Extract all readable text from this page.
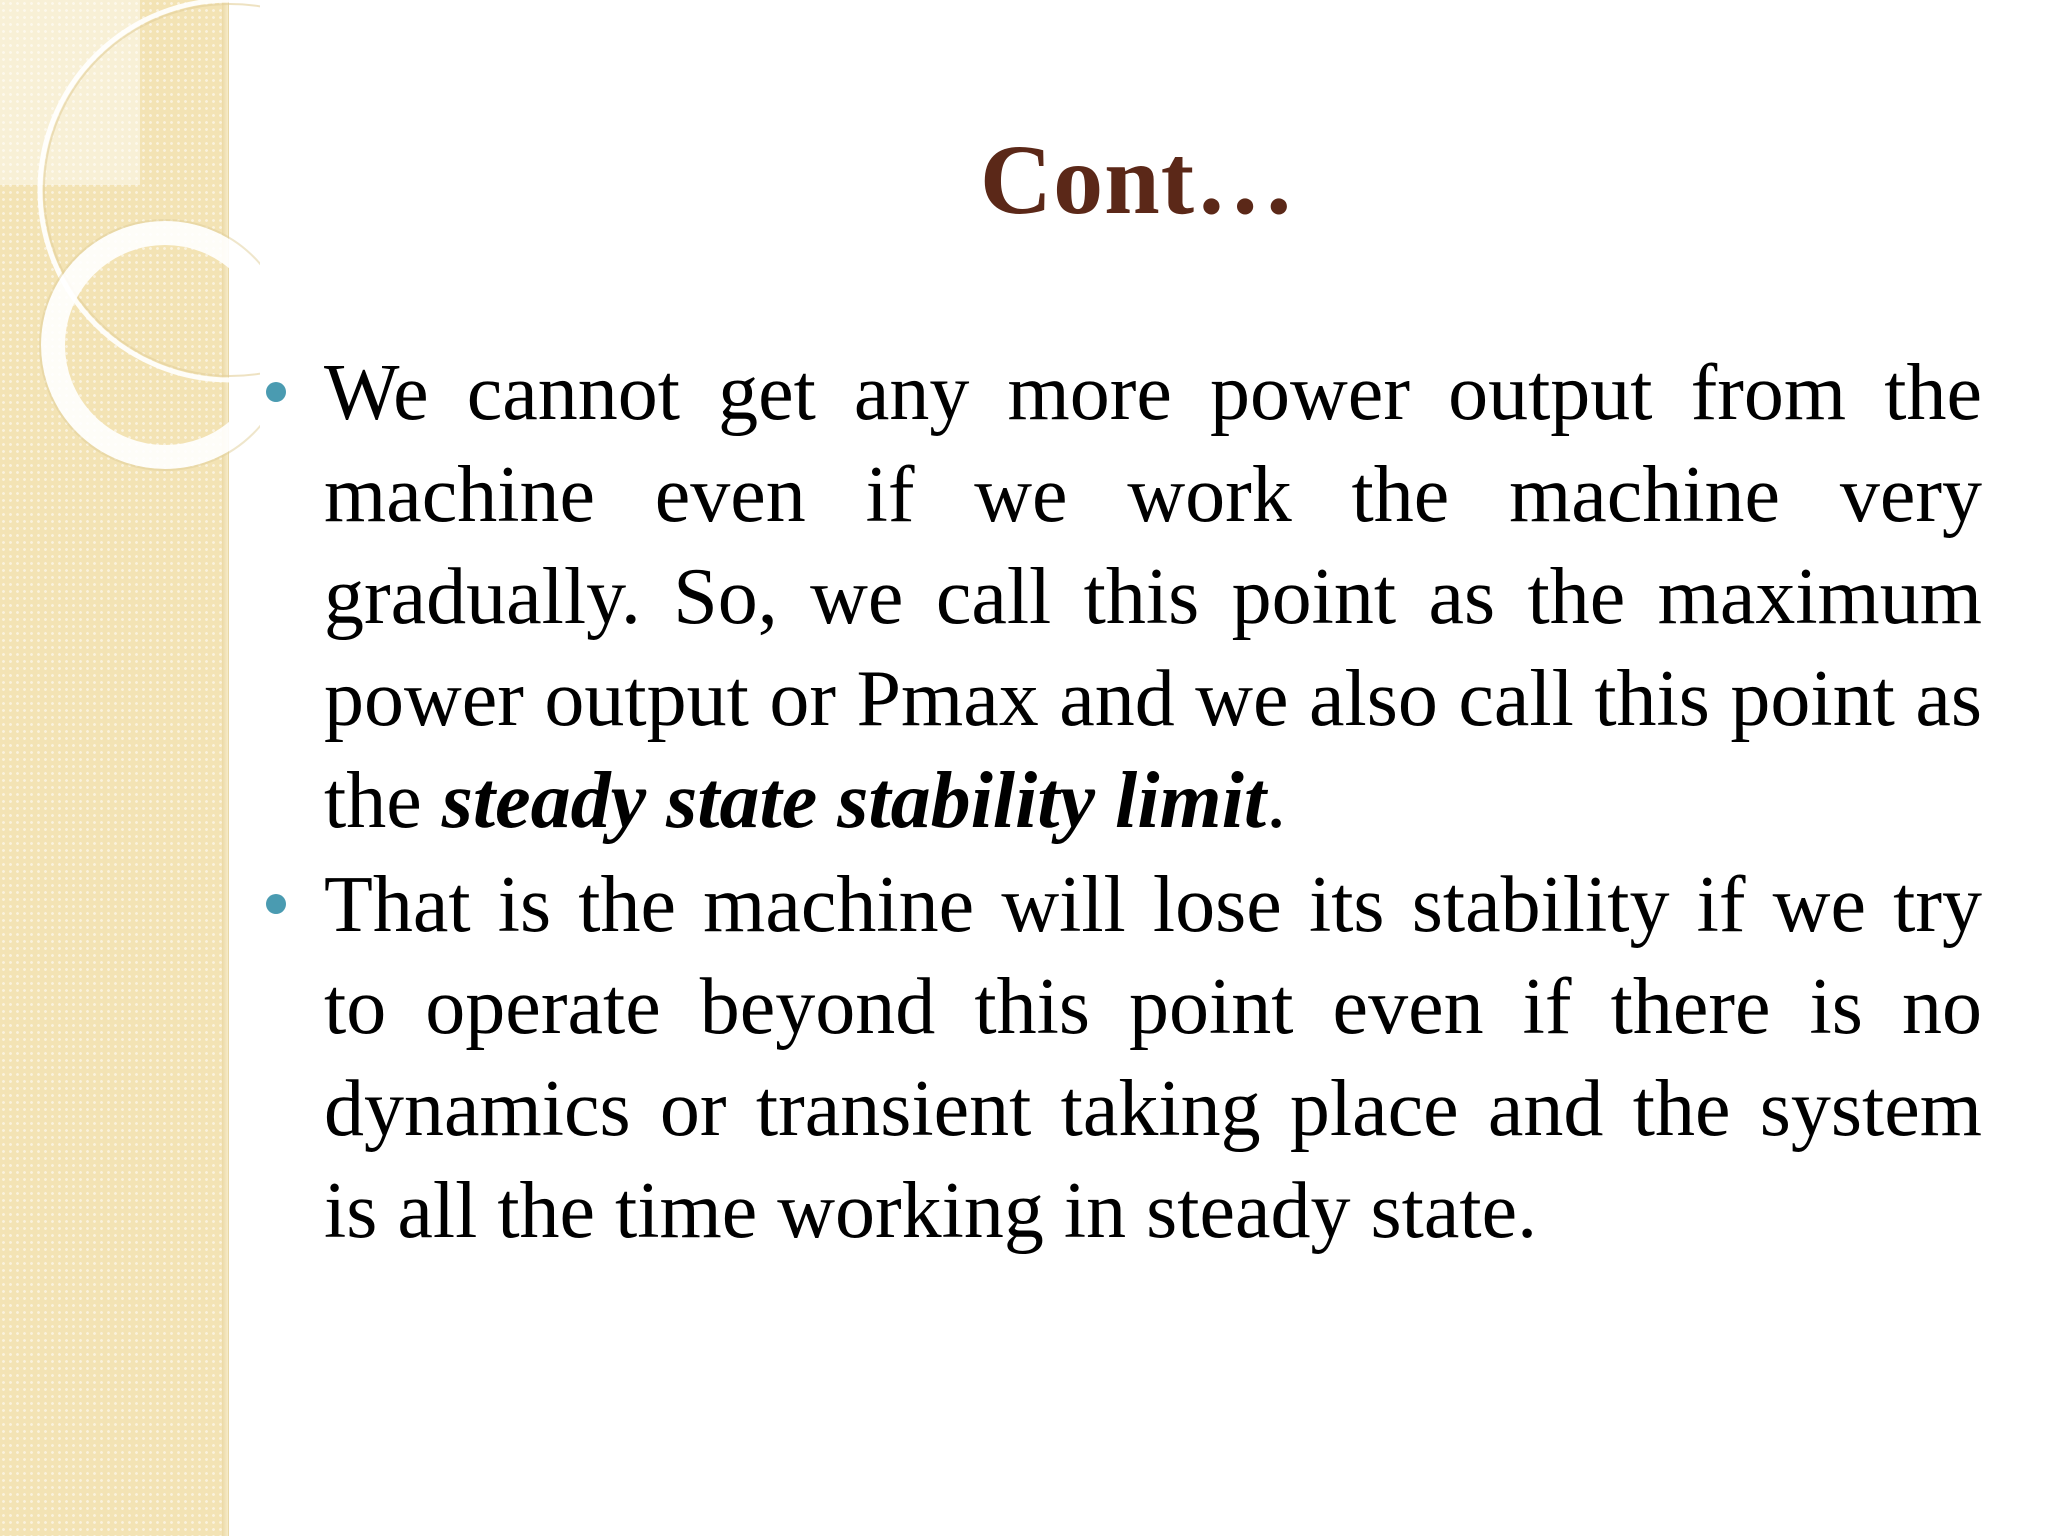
Cont…
We cannot get any more power output from the machine even if we work the machine very gradually. So, we call this point as the maximum power output or Pmax and we also call this point as the steady state stability limit.
That is the machine will lose its stability if we try to operate beyond this point even if there is no dynamics or transient taking place and the system is all the time working in steady state.
